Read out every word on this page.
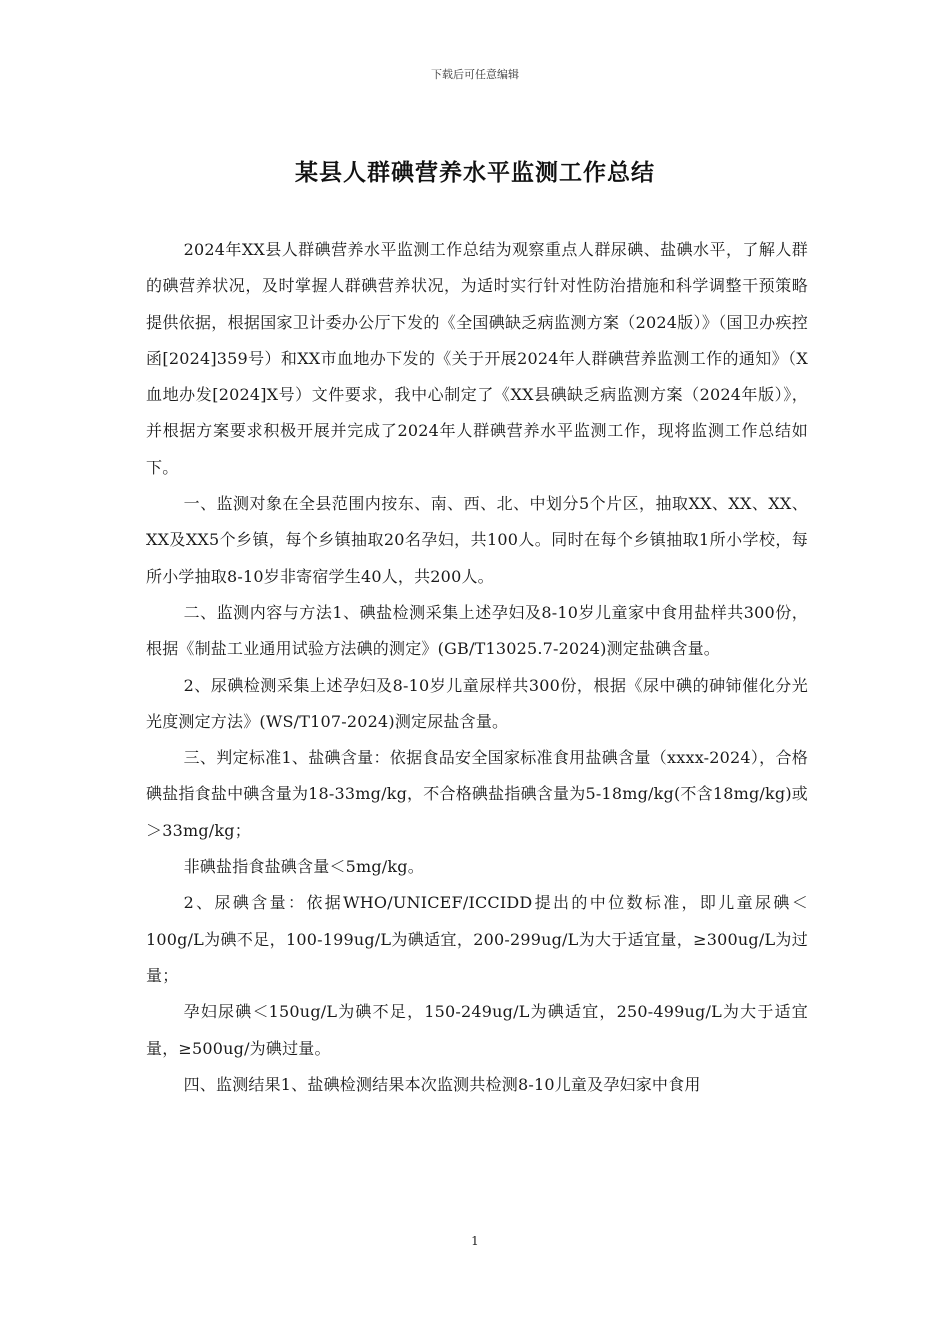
下载后可任意编辑
某县人群碘营养水平监测工作总结

2024年XX县人群碘营养水平监测工作总结为观察重点人群尿碘、盐碘水平，了解人群的碘营养状况，及时掌握人群碘营养状况，为适时实行针对性防治措施和科学调整干预策略提供依据，根据国家卫计委办公厅下发的《全国碘缺乏病监测方案（2024版）》（国卫办疾控函[2024]359号）和XX市血地办下发的《关于开展2024年人群碘营养监测工作的通知》（X血地办发[2024]X号）文件要求，我中心制定了《XX县碘缺乏病监测方案（2024年版）》，并根据方案要求积极开展并完成了2024年人群碘营养水平监测工作，现将监测工作总结如下。

一、监测对象在全县范围内按东、南、西、北、中划分5个片区，抽取XX、XX、XX、XX及XX5个乡镇，每个乡镇抽取20名孕妇，共100人。同时在每个乡镇抽取1所小学校，每所小学抽取8-10岁非寄宿学生40人，共200人。

二、监测内容与方法1、碘盐检测采集上述孕妇及8-10岁儿童家中食用盐样共300份，根据《制盐工业通用试验方法碘的测定》(GB/T13025.7-2024)测定盐碘含量。

2、尿碘检测采集上述孕妇及8-10岁儿童尿样共300份，根据《尿中碘的砷铈催化分光光度测定方法》(WS/T107-2024)测定尿盐含量。

三、判定标准1、盐碘含量：依据食品安全国家标准食用盐碘含量（xxxx-2024），合格碘盐指食盐中碘含量为18-33mg/kg，不合格碘盐指碘含量为5-18mg/kg(不含18mg/kg)或＞33mg/kg；

非碘盐指食盐碘含量＜5mg/kg。

2、尿碘含量：依据WHO/UNICEF/ICCIDD提出的中位数标准，即儿童尿碘＜100g/L为碘不足，100-199ug/L为碘适宜，200-299ug/L为大于适宜量，≥300ug/L为过量；

孕妇尿碘＜150ug/L为碘不足，150-249ug/L为碘适宜，250-499ug/L为大于适宜量，≥500ug/为碘过量。

四、监测结果1、盐碘检测结果本次监测共检测8-10儿童及孕妇家中食用

1
